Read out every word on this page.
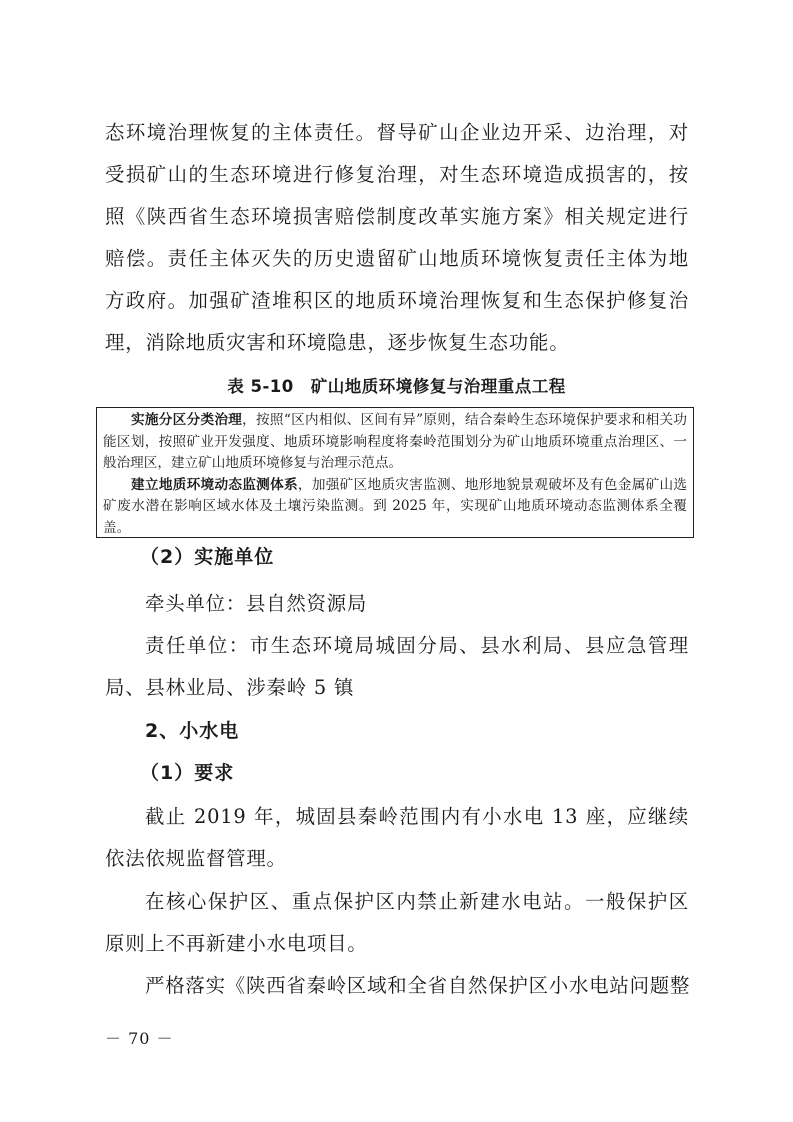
态环境治理恢复的主体责任。督导矿山企业边开采、边治理，对受损矿山的生态环境进行修复治理，对生态环境造成损害的，按照《陕西省生态环境损害赔偿制度改革实施方案》相关规定进行赔偿。责任主体灭失的历史遗留矿山地质环境恢复责任主体为地方政府。加强矿渣堆积区的地质环境治理恢复和生态保护修复治理，消除地质灾害和环境隐患，逐步恢复生态功能。

表 5-10　矿山地质环境修复与治理重点工程

实施分区分类治理，按照“区内相似、区间有异”原则，结合秦岭生态环境保护要求和相关功能区划，按照矿业开发强度、地质环境影响程度将秦岭范围划分为矿山地质环境重点治理区、一般治理区，建立矿山地质环境修复与治理示范点。

建立地质环境动态监测体系，加强矿区地质灾害监测、地形地貌景观破坏及有色金属矿山选矿废水潜在影响区域水体及土壤污染监测。到 2025 年，实现矿山地质环境动态监测体系全覆盖。

（2）实施单位
牵头单位：县自然资源局

责任单位：市生态环境局城固分局、县水利局、县应急管理局、县林业局、涉秦岭 5 镇

2、小水电
（1）要求

截止 2019 年，城固县秦岭范围内有小水电 13 座，应继续依法依规监督管理。

在核心保护区、重点保护区内禁止新建水电站。一般保护区原则上不再新建小水电项目。

严格落实《陕西省秦岭区域和全省自然保护区小水电站问题整
－ 70 －
